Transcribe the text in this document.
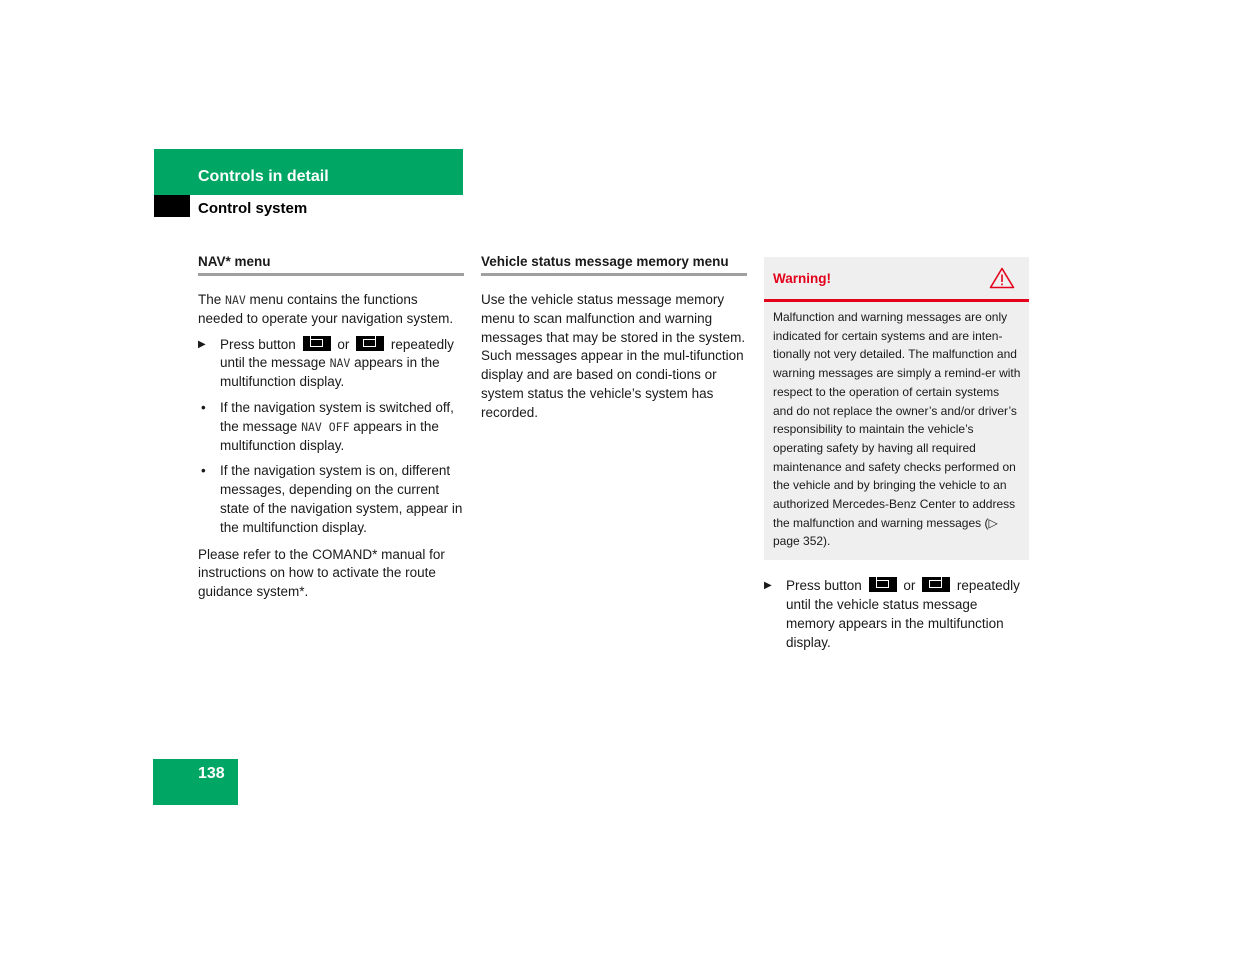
Controls in detail
Control system
NAV* menu

The NAV menu contains the functions needed to operate your navigation system.

▶ Press button	or	repeatedly until the message NAV appears in the multifunction display.
• If the navigation system is switched off, the message NAV OFF appears in the multifunction display.
• If the navigation system is on, different messages, depending on the current state of the navigation system, appear in the multifunction display.

Please refer to the COMAND* manual for instructions on how to activate the route guidance system*.

Vehicle status message memory menu

Use the vehicle status message memory menu to scan malfunction and warning messages that may be stored in the system. Such messages appear in the mul-tifunction display and are based on condi-tions or system status the vehicle’s system has recorded.

Warning!
Malfunction and warning messages are only indicated for certain systems and are inten-tionally not very detailed. The malfunction and warning messages are simply a remind-er with respect to the operation of certain systems and do not replace the owner’s and/or driver’s responsibility to maintain the vehicle’s operating safety by having all required maintenance and safety checks performed on the vehicle and by bringing the vehicle to an authorized Mercedes-Benz Center to address the malfunction and warning messages (▷ page 352).
▶ Press button	or	repeatedly until the vehicle status message memory appears in the multifunction display.
138
